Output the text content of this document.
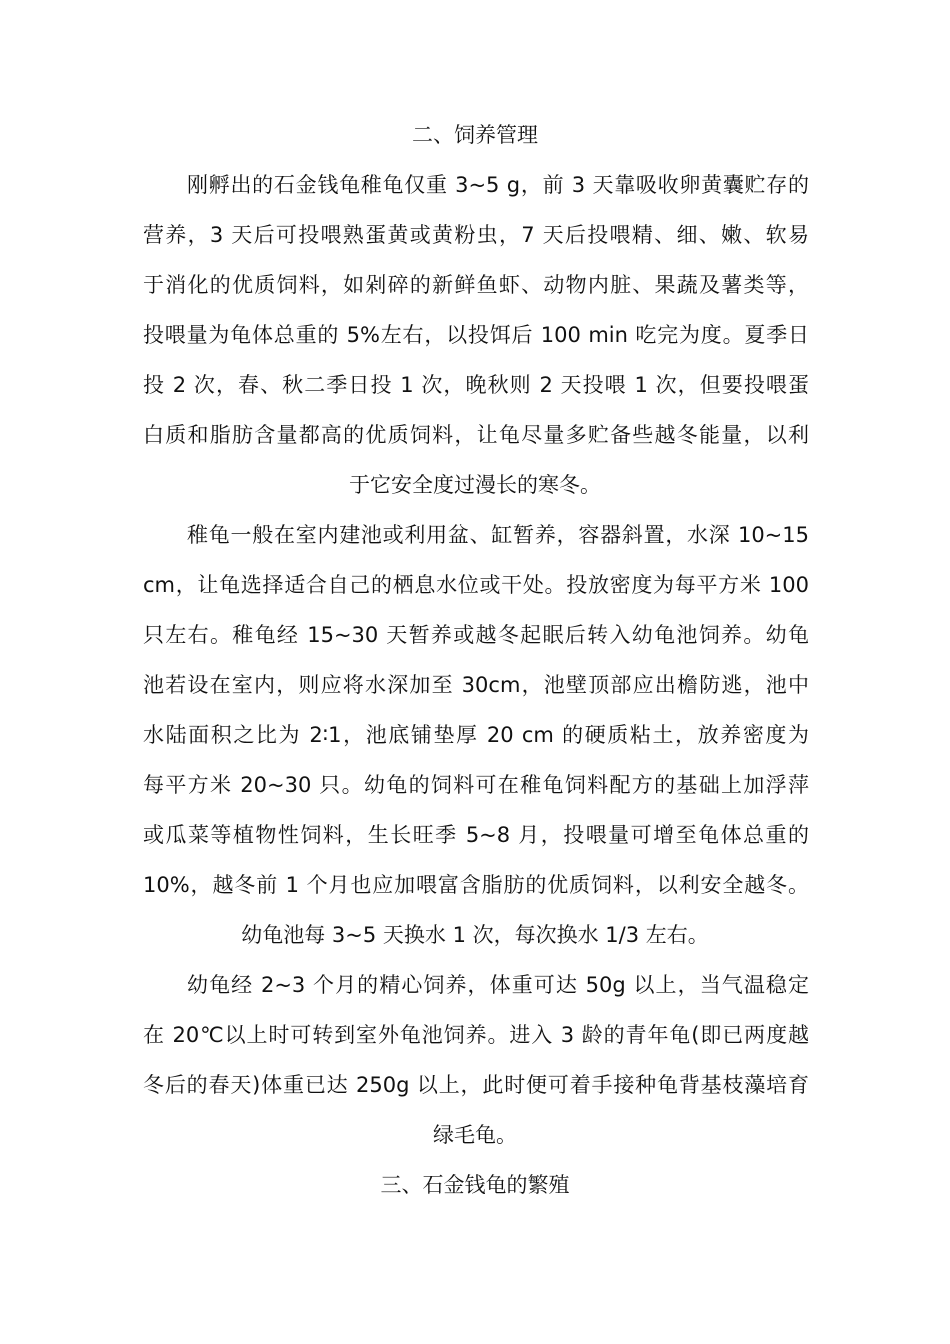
二、饲养管理
刚孵出的石金钱龟稚龟仅重 3~5 g，前 3 天靠吸收卵黄囊贮存的
营养，3 天后可投喂熟蛋黄或黄粉虫，7 天后投喂精、细、嫩、软易
于消化的优质饲料，如剁碎的新鲜鱼虾、动物内脏、果蔬及薯类等，
投喂量为龟体总重的 5%左右，以投饵后 100 min 吃完为度。夏季日
投 2 次，春、秋二季日投 1 次，晚秋则 2 天投喂 1 次，但要投喂蛋
白质和脂肪含量都高的优质饲料，让龟尽量多贮备些越冬能量，以利
于它安全度过漫长的寒冬。
稚龟一般在室内建池或利用盆、缸暂养，容器斜置，水深 10~15
cm，让龟选择适合自己的栖息水位或干处。投放密度为每平方米 100
只左右。稚龟经 15~30 天暂养或越冬起眠后转入幼龟池饲养。幼龟
池若设在室内，则应将水深加至 30cm，池壁顶部应出檐防逃，池中
水陆面积之比为 2∶1，池底铺垫厚 20 cm 的硬质粘土，放养密度为
每平方米 20~30 只。幼龟的饲料可在稚龟饲料配方的基础上加浮萍
或瓜菜等植物性饲料，生长旺季 5~8 月，投喂量可增至龟体总重的
10%，越冬前 1 个月也应加喂富含脂肪的优质饲料，以利安全越冬。
幼龟池每 3~5 天换水 1 次，每次换水 1/3 左右。
幼龟经 2~3 个月的精心饲养，体重可达 50g 以上，当气温稳定
在 20℃以上时可转到室外龟池饲养。进入 3 龄的青年龟(即已两度越
冬后的春天)体重已达 250g 以上，此时便可着手接种龟背基枝藻培育
绿毛龟。
三、石金钱龟的繁殖
